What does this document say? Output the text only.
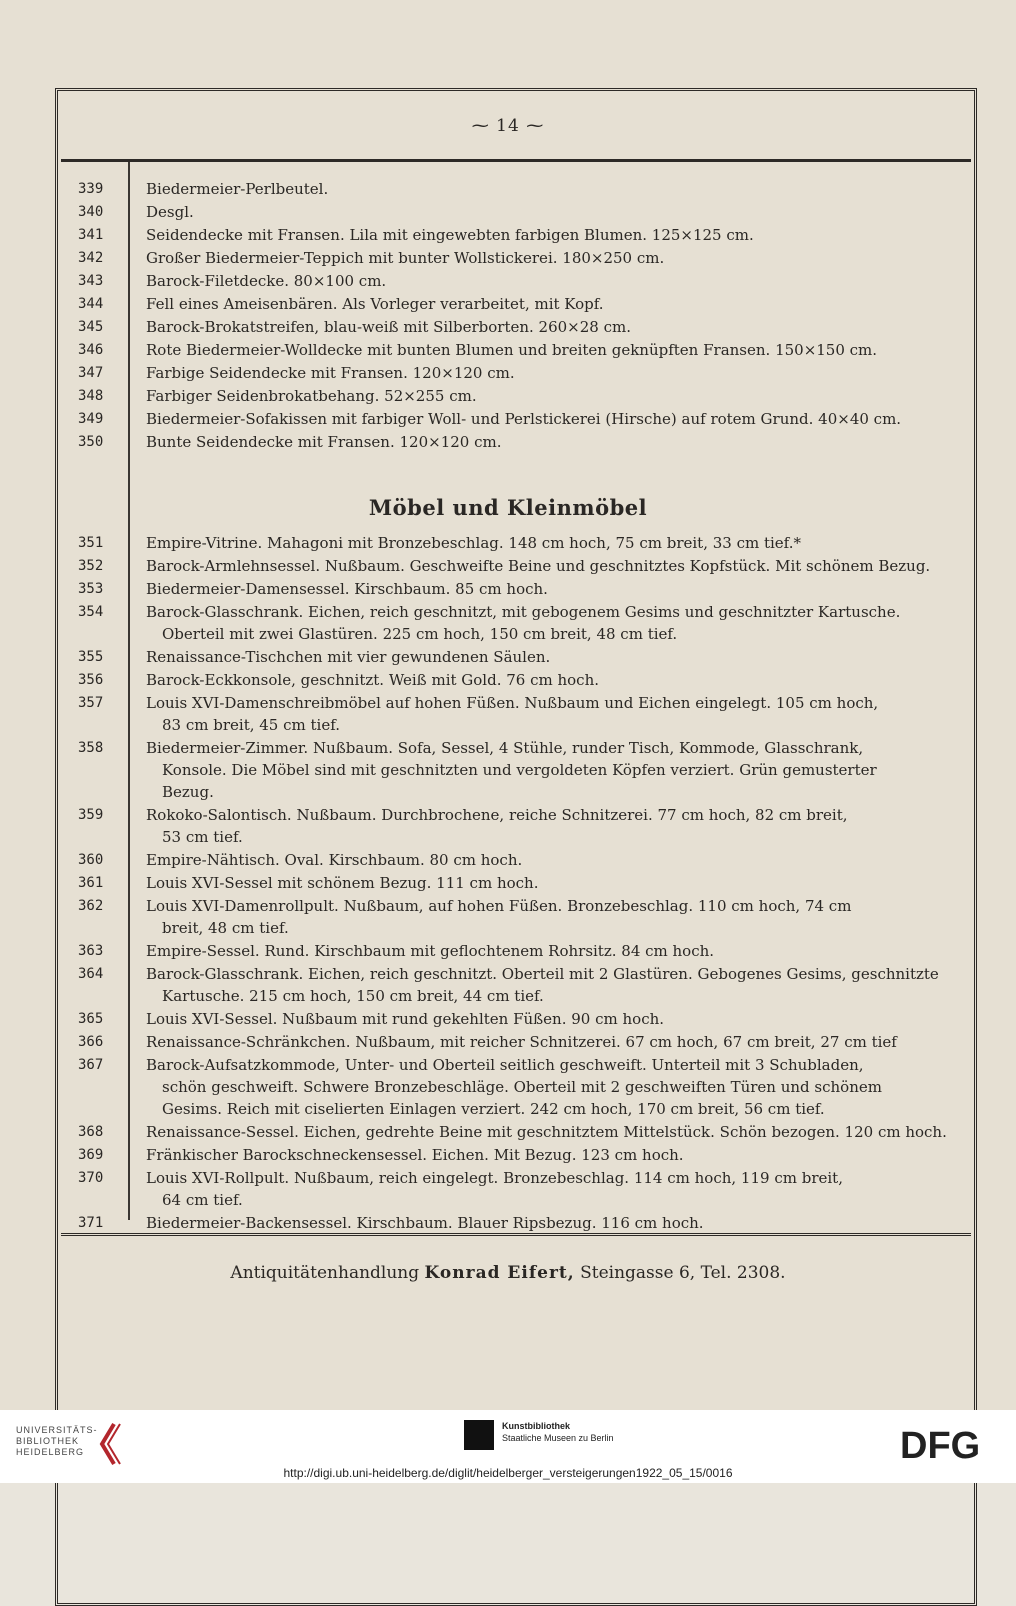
⁓ 14 ⁓
339	Biedermeier-Perlbeutel.
340	Desgl.
341	Seidendecke mit Fransen. Lila mit eingewebten farbigen Blumen. 125×125 cm.
342	Großer Biedermeier-Teppich mit bunter Wollstickerei. 180×250 cm.
343	Barock-Filetdecke. 80×100 cm.
344	Fell eines Ameisenbären. Als Vorleger verarbeitet, mit Kopf.
345	Barock-Brokatstreifen, blau-weiß mit Silberborten. 260×28 cm.
346	Rote Biedermeier-Wolldecke mit bunten Blumen und breiten geknüpften Fransen. 150×150 cm.
347	Farbige Seidendecke mit Fransen. 120×120 cm.
348	Farbiger Seidenbrokatbehang. 52×255 cm.
349	Biedermeier-Sofakissen mit farbiger Woll- und Perlstickerei (Hirsche) auf rotem Grund. 40×40 cm.
350	Bunte Seidendecke mit Fransen. 120×120 cm.
Möbel und Kleinmöbel
351	Empire-Vitrine. Mahagoni mit Bronzebeschlag. 148 cm hoch, 75 cm breit, 33 cm tief.*
352	Barock-Armlehnsessel. Nußbaum. Geschweifte Beine und geschnitztes Kopfstück. Mit schönem Bezug.
353	Biedermeier-Damensessel. Kirschbaum. 85 cm hoch.
354	Barock-Glasschrank. Eichen, reich geschnitzt, mit gebogenem Gesims und geschnitzter Kartusche.
Oberteil mit zwei Glastüren. 225 cm hoch, 150 cm breit, 48 cm tief.
355	Renaissance-Tischchen mit vier gewundenen Säulen.
356	Barock-Eckkonsole, geschnitzt. Weiß mit Gold. 76 cm hoch.
357	Louis XVI-Damenschreibmöbel auf hohen Füßen. Nußbaum und Eichen eingelegt. 105 cm hoch,
83 cm breit, 45 cm tief.
358	Biedermeier-Zimmer. Nußbaum. Sofa, Sessel, 4 Stühle, runder Tisch, Kommode, Glasschrank,
Konsole. Die Möbel sind mit geschnitzten und vergoldeten Köpfen verziert. Grün gemusterter
Bezug.
359	Rokoko-Salontisch. Nußbaum. Durchbrochene, reiche Schnitzerei. 77 cm hoch, 82 cm breit,
53 cm tief.
360	Empire-Nähtisch. Oval. Kirschbaum. 80 cm hoch.
361	Louis XVI-Sessel mit schönem Bezug. 111 cm hoch.
362	Louis XVI-Damenrollpult. Nußbaum, auf hohen Füßen. Bronzebeschlag. 110 cm hoch, 74 cm
breit, 48 cm tief.
363	Empire-Sessel. Rund. Kirschbaum mit geflochtenem Rohrsitz. 84 cm hoch.
364	Barock-Glasschrank. Eichen, reich geschnitzt. Oberteil mit 2 Glastüren. Gebogenes Gesims, geschnitzte
Kartusche. 215 cm hoch, 150 cm breit, 44 cm tief.
365	Louis XVI-Sessel. Nußbaum mit rund gekehlten Füßen. 90 cm hoch.
366	Renaissance-Schränkchen. Nußbaum, mit reicher Schnitzerei. 67 cm hoch, 67 cm breit, 27 cm tief
367	Barock-Aufsatzkommode, Unter- und Oberteil seitlich geschweift. Unterteil mit 3 Schubladen,
schön geschweift. Schwere Bronzebeschläge. Oberteil mit 2 geschweiften Türen und schönem
Gesims. Reich mit ciselierten Einlagen verziert. 242 cm hoch, 170 cm breit, 56 cm tief.
368	Renaissance-Sessel. Eichen, gedrehte Beine mit geschnitztem Mittelstück. Schön bezogen. 120 cm hoch.
369	Fränkischer Barockschneckensessel. Eichen. Mit Bezug. 123 cm hoch.
370	Louis XVI-Rollpult. Nußbaum, reich eingelegt. Bronzebeschlag. 114 cm hoch, 119 cm breit,
64 cm tief.
371	Biedermeier-Backensessel. Kirschbaum. Blauer Ripsbezug. 116 cm hoch.
Antiquitätenhandlung Konrad Eifert, Steingasse 6, Tel. 2308.
UNIVERSITÄTS-
BIBLIOTHEK
HEIDELBERG
Kunstbibliothek
Staatliche Museen zu Berlin	DFG
http://digi.ub.uni-heidelberg.de/diglit/heidelberger_versteigerungen1922_05_15/0016
